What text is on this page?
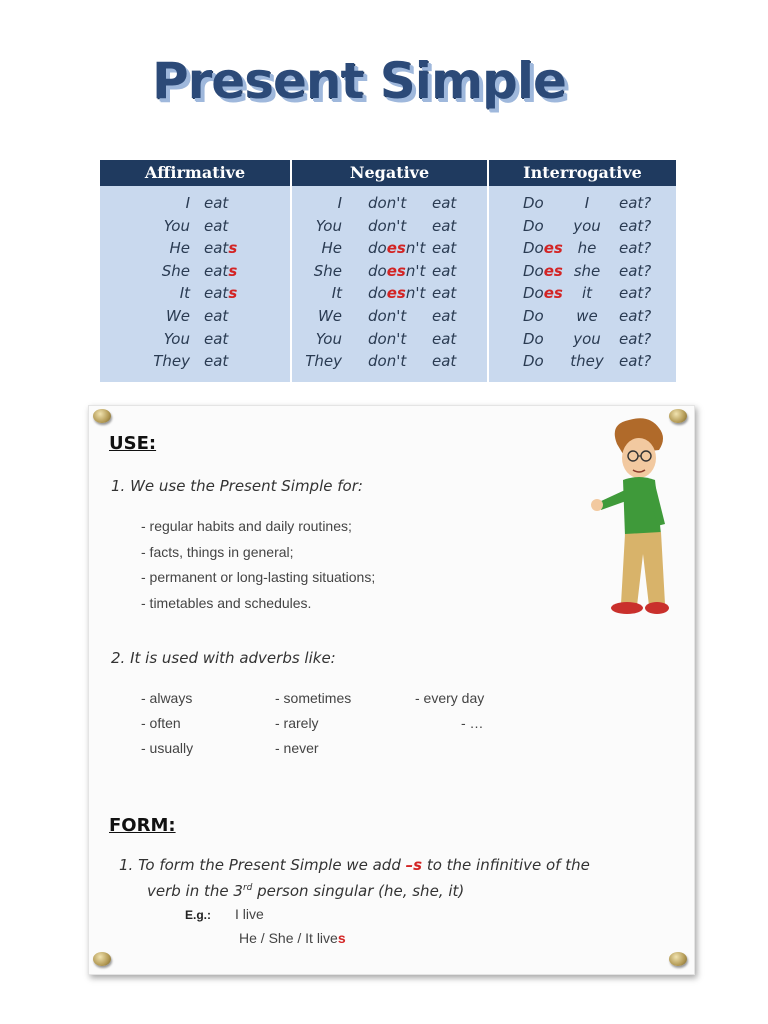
Present Simple
Affirmative
I eat
You eat
He eats
She eats
It eats
We eat
You eat
They eat
Negative
I don't eat
You don't eat
He doesn't eat
She doesn't eat
It doesn't eat
We don't eat
You don't eat
They don't eat
Interrogative
Do	I	eat?
Do	you	eat?
Does he	eat?
Does she	eat?
Does	it	eat?
Do	we	eat?
Do	you	eat?
Do they eat?
USE:
1. We use the Present Simple for:
- regular habits and daily routines;
- facts, things in general;
- permanent or long-lasting situations;
- timetables and schedules.
2. It is used with adverbs like:
- always	- sometimes	- every day
- often	- rarely	- …
- usually	- never
FORM:
1. To form the Present Simple we add –s to the infinitive of the
verb in the 3rd person singular (he, she, it)
E.g.: I live
He / She / It lives
